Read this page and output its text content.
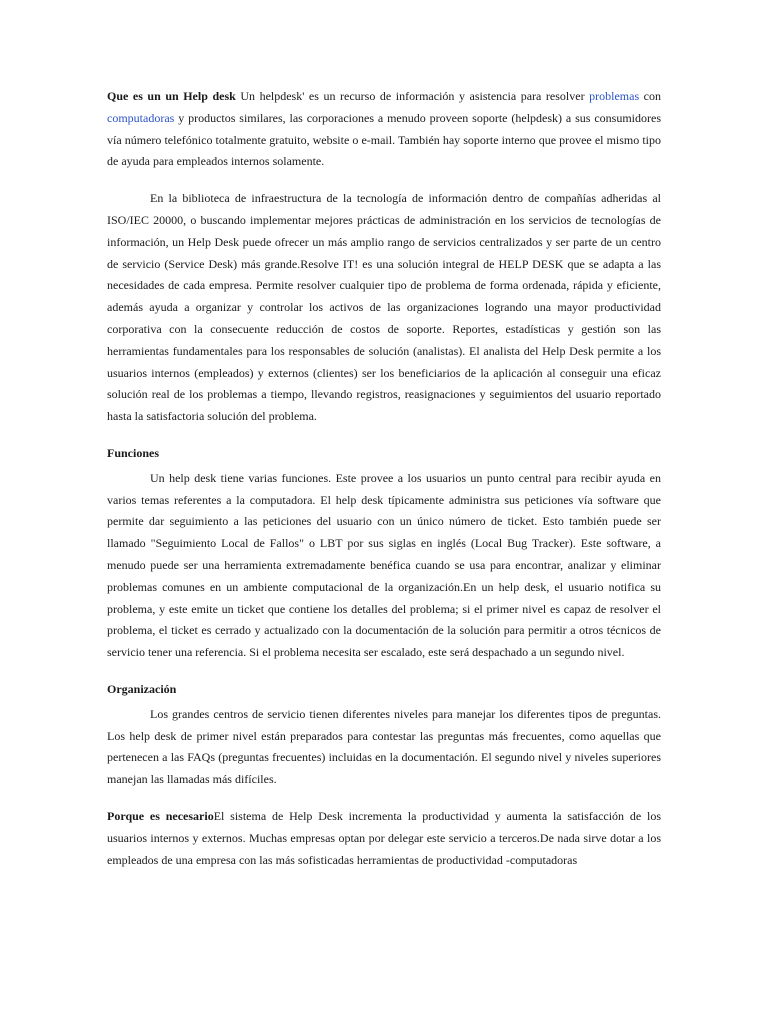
Que es un un Help desk Un helpdesk' es un recurso de información y asistencia para resolver problemas con computadoras y productos similares, las corporaciones a menudo proveen soporte (helpdesk) a sus consumidores vía número telefónico totalmente gratuito, website o e-mail. También hay soporte interno que provee el mismo tipo de ayuda para empleados internos solamente.

En la biblioteca de infraestructura de la tecnología de información dentro de compañías adheridas al ISO/IEC 20000, o buscando implementar mejores prácticas de administración en los servicios de tecnologías de información, un Help Desk puede ofrecer un más amplio rango de servicios centralizados y ser parte de un centro de servicio (Service Desk) más grande.Resolve IT! es una solución integral de HELP DESK que se adapta a las necesidades de cada empresa. Permite resolver cualquier tipo de problema de forma ordenada, rápida y eficiente, además ayuda a organizar y controlar los activos de las organizaciones logrando una mayor productividad corporativa con la consecuente reducción de costos de soporte. Reportes, estadísticas y gestión son las herramientas fundamentales para los responsables de solución (analistas). El analista del Help Desk permite a los usuarios internos (empleados) y externos (clientes) ser los beneficiarios de la aplicación al conseguir una eficaz solución real de los problemas a tiempo, llevando registros, reasignaciones y seguimientos del usuario reportado hasta la satisfactoria solución del problema.

Funciones

Un help desk tiene varias funciones. Este provee a los usuarios un punto central para recibir ayuda en varios temas referentes a la computadora. El help desk típicamente administra sus peticiones vía software que permite dar seguimiento a las peticiones del usuario con un único número de ticket. Esto también puede ser llamado "Seguimiento Local de Fallos" o LBT por sus siglas en inglés (Local Bug Tracker). Este software, a menudo puede ser una herramienta extremadamente benéfica cuando se usa para encontrar, analizar y eliminar problemas comunes en un ambiente computacional de la organización.En un help desk, el usuario notifica su problema, y este emite un ticket que contiene los detalles del problema; si el primer nivel es capaz de resolver el problema, el ticket es cerrado y actualizado con la documentación de la solución para permitir a otros técnicos de servicio tener una referencia. Si el problema necesita ser escalado, este será despachado a un segundo nivel.

Organización

Los grandes centros de servicio tienen diferentes niveles para manejar los diferentes tipos de preguntas. Los help desk de primer nivel están preparados para contestar las preguntas más frecuentes, como aquellas que pertenecen a las FAQs (preguntas frecuentes) incluidas en la documentación. El segundo nivel y niveles superiores manejan las llamadas más difíciles.

Porque es necesarioEl sistema de Help Desk incrementa la productividad y aumenta la satisfacción de los usuarios internos y externos. Muchas empresas optan por delegar este servicio a terceros.De nada sirve dotar a los empleados de una empresa con las más sofisticadas herramientas de productividad -computadoras
